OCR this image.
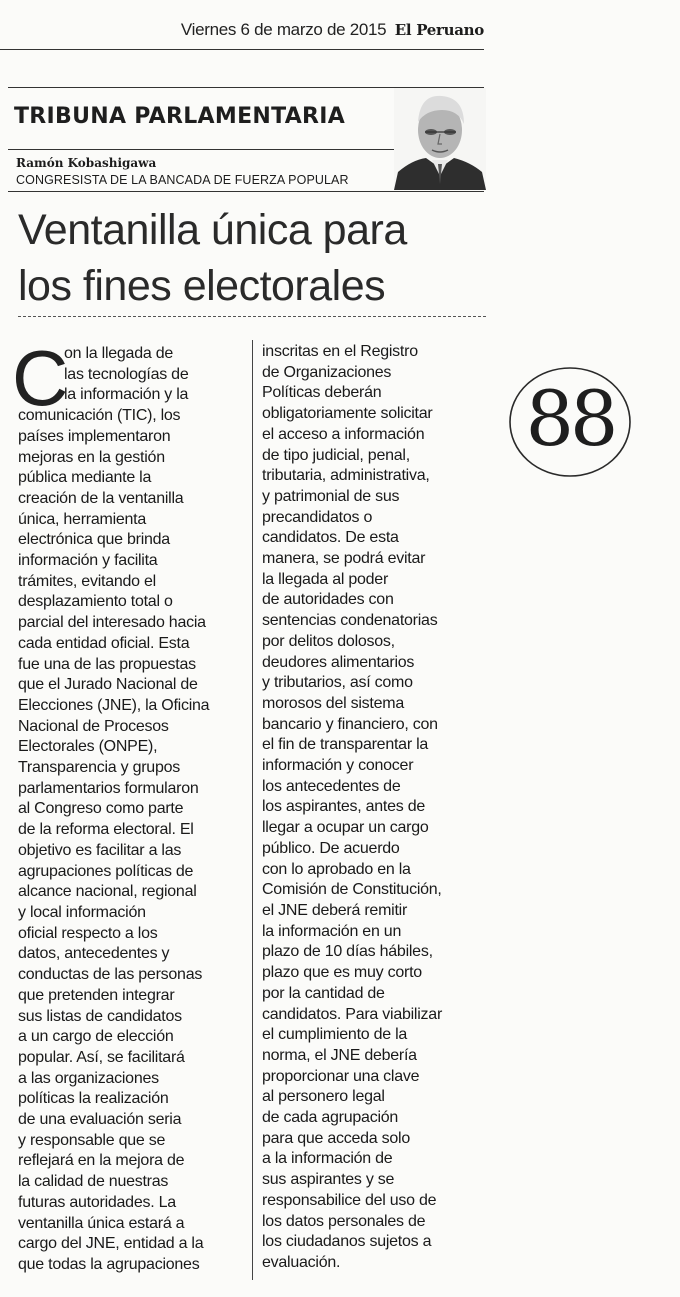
Viernes 6 de marzo de 2015 El Peruano
TRIBUNA PARLAMENTARIA
Ramón Kobashigawa
CONGRESISTA DE LA BANCADA DE FUERZA POPULAR
Ventanilla única para
los fines electorales
C
on la llegada de
las tecnologías de
la información y la
comunicación (TIC), los
países implementaron
mejoras en la gestión
pública mediante la
creación de la ventanilla
única, herramienta
electrónica que brinda
información y facilita
trámites, evitando el
desplazamiento total o
parcial del interesado hacia
cada entidad oficial. Esta
fue una de las propuestas
que el Jurado Nacional de
Elecciones (JNE), la Oficina
Nacional de Procesos
Electorales (ONPE),
Transparencia y grupos
parlamentarios formularon
al Congreso como parte
de la reforma electoral. El
objetivo es facilitar a las
agrupaciones políticas de
alcance nacional, regional
y local información
oficial respecto a los
datos, antecedentes y
conductas de las personas
que pretenden integrar
sus listas de candidatos
a un cargo de elección
popular. Así, se facilitará
a las organizaciones
políticas la realización
de una evaluación seria
y responsable que se
reflejará en la mejora de
la calidad de nuestras
futuras autoridades. La
ventanilla única estará a
cargo del JNE, entidad a la
que todas la agrupaciones
inscritas en el Registro
de Organizaciones
Políticas deberán
obligatoriamente solicitar
el acceso a información
de tipo judicial, penal,
tributaria, administrativa,
y patrimonial de sus
precandidatos o
candidatos. De esta
manera, se podrá evitar
la llegada al poder
de autoridades con
sentencias condenatorias
por delitos dolosos,
deudores alimentarios
y tributarios, así como
morosos del sistema
bancario y financiero, con
el fin de transparentar la
información y conocer
los antecedentes de
los aspirantes, antes de
llegar a ocupar un cargo
público. De acuerdo
con lo aprobado en la
Comisión de Constitución,
el JNE deberá remitir
la información en un
plazo de 10 días hábiles,
plazo que es muy corto
por la cantidad de
candidatos. Para viabilizar
el cumplimiento de la
norma, el JNE debería
proporcionar una clave
al personero legal
de cada agrupación
para que acceda solo
a la información de
sus aspirantes y se
responsabilice del uso de
los datos personales de
los ciudadanos sujetos a
evaluación.
88
